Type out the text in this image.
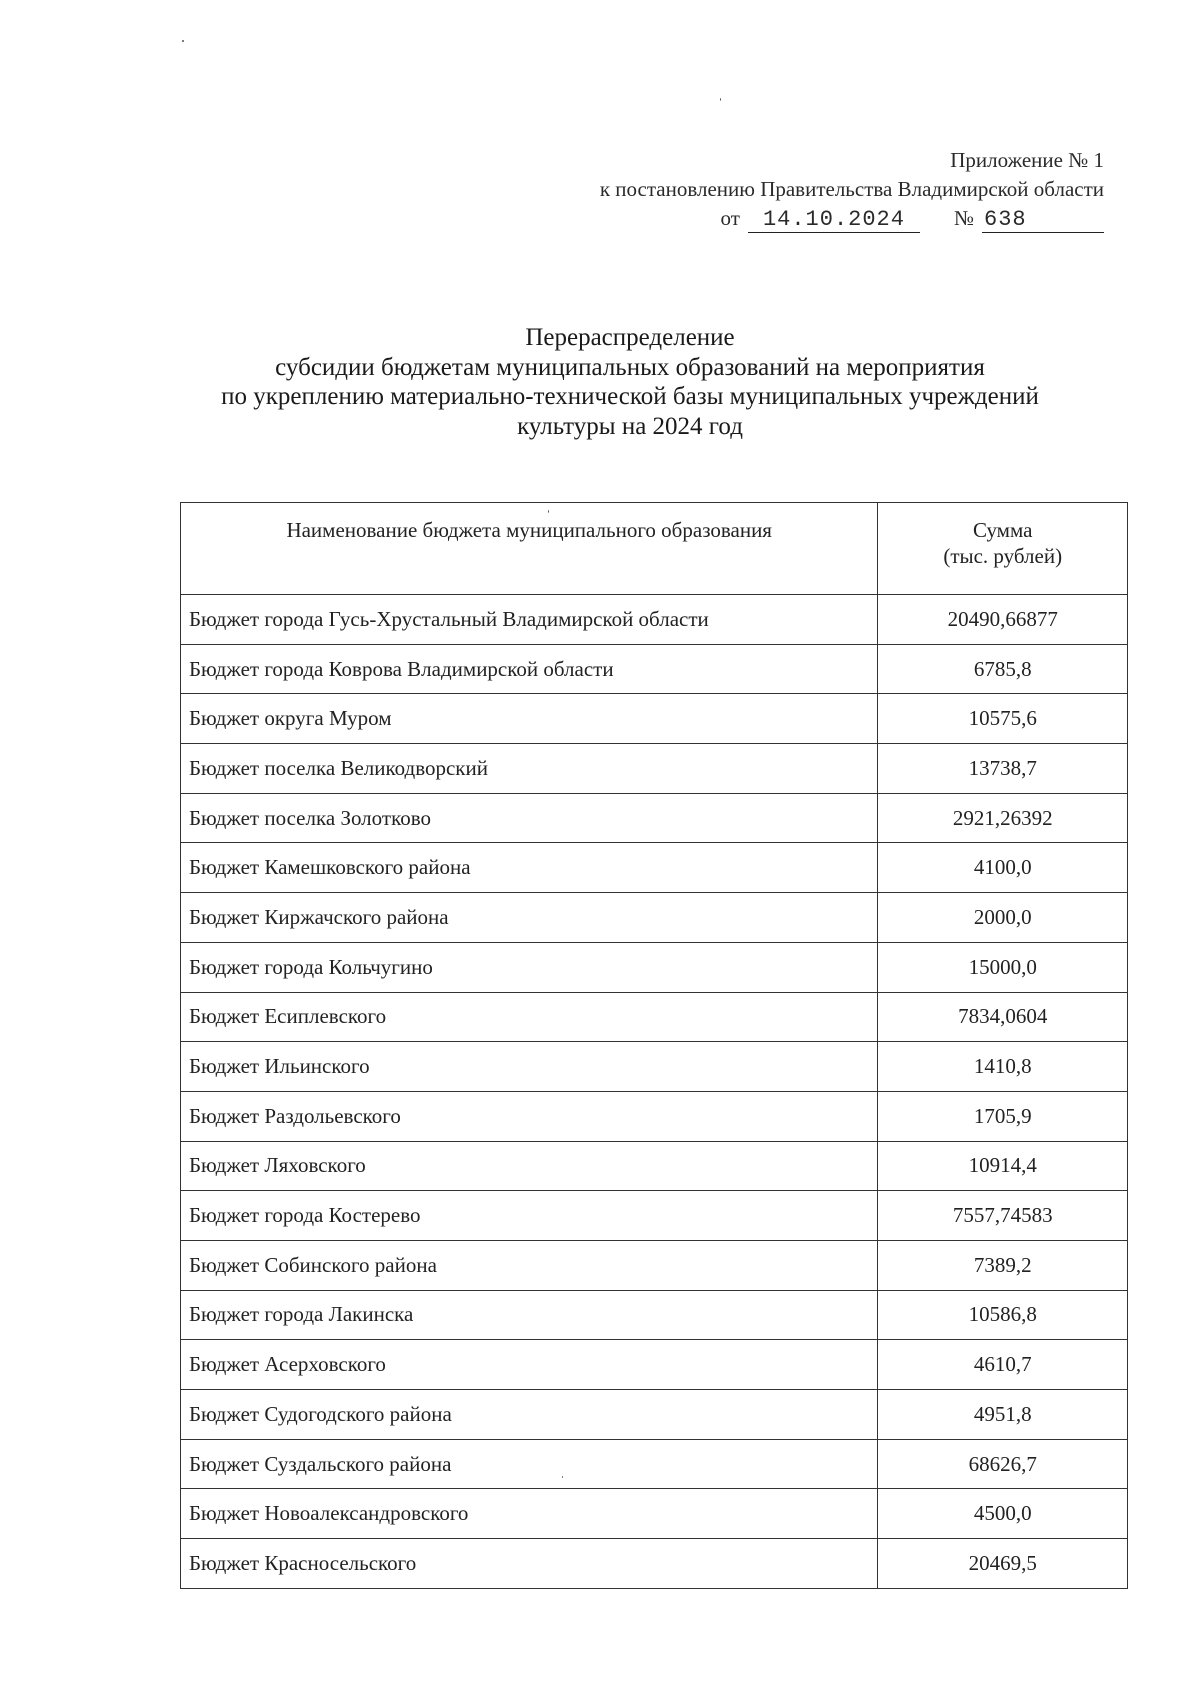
Приложение № 1
к постановлению Правительства Владимирской области
от	14.10.2024	№ 638
Перераспределение
субсидии бюджетам муниципальных образований на мероприятия
по укреплению материально-технической базы муниципальных учреждений
культуры на 2024 год
Наименование бюджета муниципального образования	Сумма
(тыс. рублей)

Бюджет города Гусь-Хрустальный Владимирской области	20490,66877
Бюджет города Коврова Владимирской области	6785,8
Бюджет округа Муром	10575,6
Бюджет поселка Великодворский	13738,7
Бюджет поселка Золотково	2921,26392
Бюджет Камешковского района	4100,0
Бюджет Киржачского района	2000,0
Бюджет города Кольчугино	15000,0
Бюджет Есиплевского	7834,0604
Бюджет Ильинского	1410,8
Бюджет Раздольевского	1705,9
Бюджет Ляховского	10914,4
Бюджет города Костерево	7557,74583
Бюджет Собинского района	7389,2
Бюджет города Лакинска	10586,8
Бюджет Асерховского	4610,7
Бюджет Судогодского района	4951,8
Бюджет Суздальского района	68626,7
Бюджет Новоалександровского	4500,0
Бюджет Красносельского	20469,5
